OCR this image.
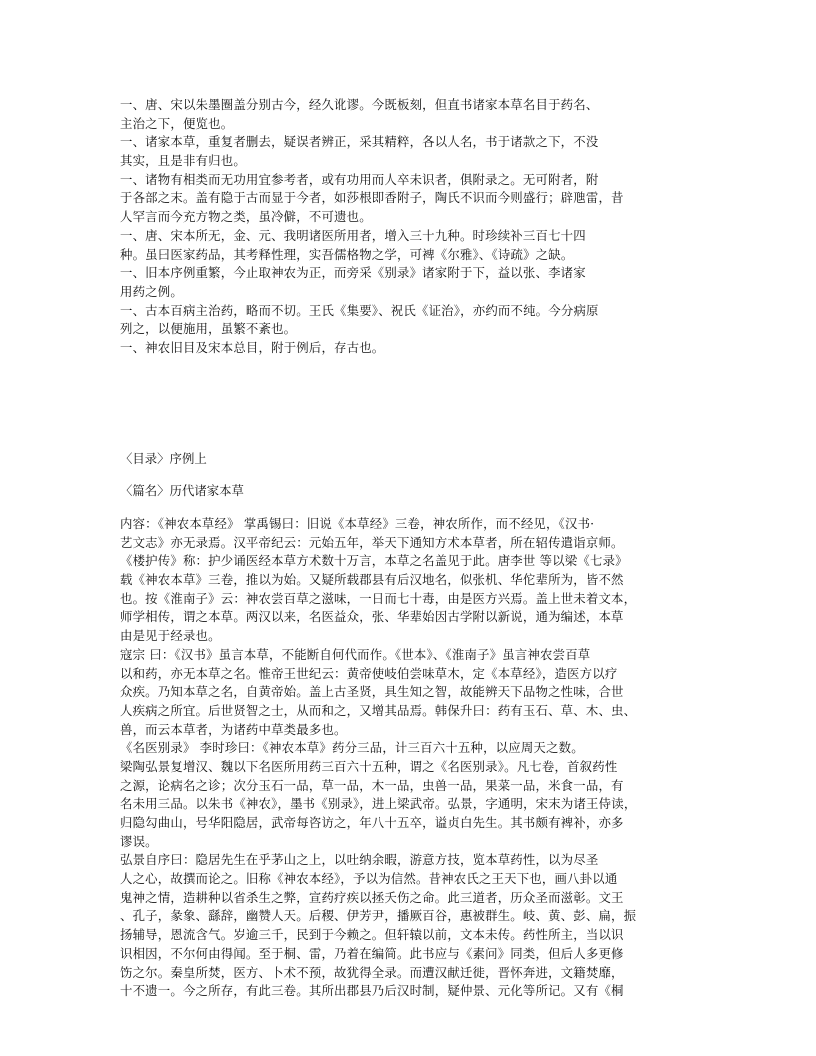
一、唐、宋以朱墨圈盖分别古今，经久讹谬。今既板刻，但直书诸家本草名目于药名、
主治之下，便览也。
一、诸家本草，重复者删去，疑误者辨正，采其精粹，各以人名，书于诸款之下，不没
其实，且是非有归也。
一、诸物有相类而无功用宜参考者，或有功用而人卒未识者，俱附录之。无可附者，附
于各部之末。盖有隐于古而显于今者，如莎根即香附子，陶氏不识而今则盛行；辟虺雷，昔
人罕言而今充方物之类，虽冷僻，不可遗也。
一、唐、宋本所无，金、元、我明诸医所用者，增入三十九种。时珍续补三百七十四
种。虽曰医家药品，其考释性理，实吾儒格物之学，可裨《尔雅》、《诗疏》之缺。
一、旧本序例重繁，今止取神农为正，而旁采《别录》诸家附于下，益以张、李诸家
用药之例。
一、古本百病主治药，略而不切。王氏《集要》、祝氏《证治》，亦约而不纯。今分病原
列之，以便施用，虽繁不紊也。
一、神农旧目及宋本总目，附于例后，存古也。
〈目录〉序例上
〈篇名〉历代诸家本草
内容：《神农本草经》 掌禹锡曰：旧说《本草经》三卷，神农所作，而不经见，《汉书·
艺文志》亦无录焉。汉平帝纪云：元始五年，举天下通知方术本草者，所在轺传遣诣京师。
《楼护传》称：护少诵医经本草方术数十万言，本草之名盖见于此。唐李世 等以梁《七录》
载《神农本草》三卷，推以为始。又疑所载郡县有后汉地名，似张机、华佗辈所为，皆不然
也。按《淮南子》云：神农尝百草之滋味，一日而七十毒，由是医方兴焉。盖上世未着文本，
师学相传，谓之本草。两汉以来，名医益众，张、华辈始因古学附以新说，通为编述，本草
由是见于经录也。
寇宗 曰：《汉书》虽言本草，不能断自何代而作。《世本》、《淮南子》虽言神农尝百草
以和药，亦无本草之名。惟帝王世纪云：黄帝使岐伯尝味草木，定《本草经》，造医方以疗
众疾。乃知本草之名，自黄帝始。盖上古圣贤，具生知之智，故能辨天下品物之性味，合世
人疾病之所宜。后世贤智之士，从而和之，又增其品焉。韩保升曰：药有玉石、草、木、虫、
兽，而云本草者，为诸药中草类最多也。
《名医别录》 李时珍曰：《神农本草》药分三品，计三百六十五种，以应周天之数。
梁陶弘景复增汉、魏以下名医所用药三百六十五种，谓之《名医别录》。凡七卷，首叙药性
之源，论病名之诊；次分玉石一品，草一品，木一品，虫兽一品，果菜一品，米食一品，有
名未用三品。以朱书《神农》，墨书《别录》，进上梁武帝。弘景，字通明，宋末为诸王侍读，
归隐勾曲山，号华阳隐居，武帝每咨访之，年八十五卒，谥贞白先生。其书颇有裨补，亦多
谬误。
弘景自序曰：隐居先生在乎茅山之上，以吐纳余暇，游意方技，览本草药性，以为尽圣
人之心，故撰而论之。旧称《神农本经》，予以为信然。昔神农氏之王天下也，画八卦以通
鬼神之情，造耕种以省杀生之弊，宣药疗疾以拯夭伤之命。此三道者，历众圣而滋彰。文王
、孔子，彖象、繇辞，幽赞人天。后稷、伊芳尹，播厥百谷，惠被群生。岐、黄、彭、扁，振
扬辅导，恩流含气。岁逾三千，民到于今赖之。但轩辕以前，文本未传。药性所主，当以识
识相因，不尔何由得闻。至于桐、雷，乃着在编简。此书应与《素问》同类，但后人多更修
饬之尔。秦皇所焚，医方、卜术不预，故犹得全录。而遭汉献迁徙，晋怀奔进，文籍焚靡，
十不遗一。今之所存，有此三卷。其所出郡县乃后汉时制，疑仲景、元化等所记。又有《桐
